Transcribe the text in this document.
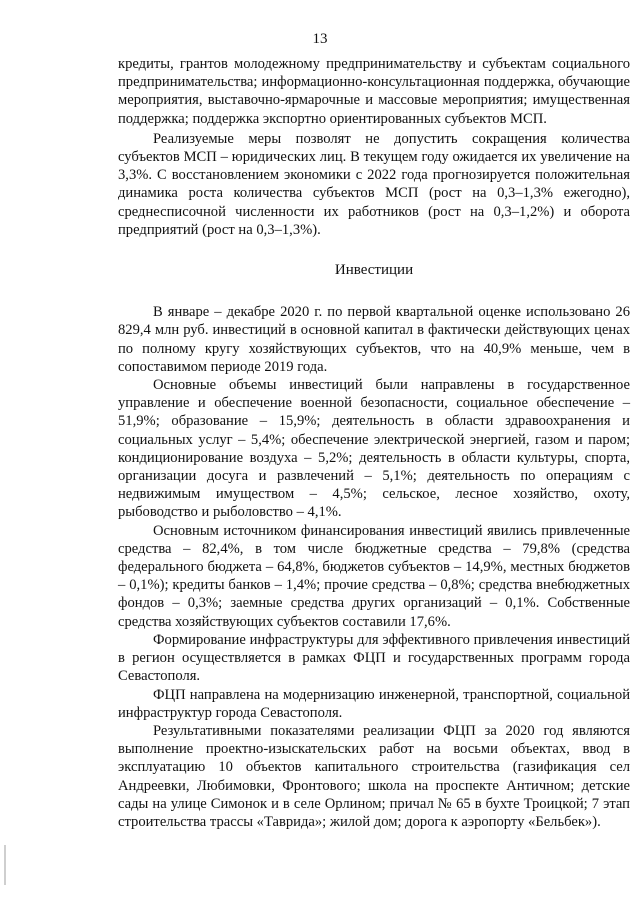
13

кредиты, грантов молодежному предпринимательству и субъектам социального предпринимательства; информационно-консультационная поддержка, обучающие мероприятия, выставочно-ярмарочные и массовые мероприятия; имущественная поддержка; поддержка экспортно ориентированных субъектов МСП.

Реализуемые меры позволят не допустить сокращения количества субъектов МСП – юридических лиц. В текущем году ожидается их увеличение на 3,3%. С восстановлением экономики с 2022 года прогнозируется положительная динамика роста количества субъектов МСП (рост на 0,3–1,3% ежегодно), среднесписочной численности их работников (рост на 0,3–1,2%) и оборота предприятий (рост на 0,3–1,3%).

Инвестиции

В январе – декабре 2020 г. по первой квартальной оценке использовано 26 829,4 млн руб. инвестиций в основной капитал в фактически действующих ценах по полному кругу хозяйствующих субъектов, что на 40,9% меньше, чем в сопоставимом периоде 2019 года.

Основные объемы инвестиций были направлены в государственное управление и обеспечение военной безопасности, социальное обеспечение – 51,9%; образование – 15,9%; деятельность в области здравоохранения и социальных услуг – 5,4%; обеспечение электрической энергией, газом и паром; кондиционирование воздуха – 5,2%; деятельность в области культуры, спорта, организации досуга и развлечений – 5,1%; деятельность по операциям с недвижимым имуществом – 4,5%; сельское, лесное хозяйство, охоту, рыбоводство и рыболовство – 4,1%.

Основным источником финансирования инвестиций явились привлеченные средства – 82,4%, в том числе бюджетные средства – 79,8% (средства федерального бюджета – 64,8%, бюджетов субъектов – 14,9%, местных бюджетов – 0,1%); кредиты банков – 1,4%; прочие средства – 0,8%; средства внебюджетных фондов – 0,3%; заемные средства других организаций – 0,1%. Собственные средства хозяйствующих субъектов составили 17,6%.

Формирование инфраструктуры для эффективного привлечения инвестиций в регион осуществляется в рамках ФЦП и государственных программ города Севастополя.

ФЦП направлена на модернизацию инженерной, транспортной, социальной инфраструктур города Севастополя.

Результативными показателями реализации ФЦП за 2020 год являются выполнение проектно-изыскательских работ на восьми объектах, ввод в эксплуатацию 10 объектов капитального строительства (газификация сел Андреевки, Любимовки, Фронтового; школа на проспекте Античном; детские сады на улице Симонок и в селе Орлином; причал № 65 в бухте Троицкой; 7 этап строительства трассы «Таврида»; жилой дом; дорога к аэропорту «Бельбек»).
